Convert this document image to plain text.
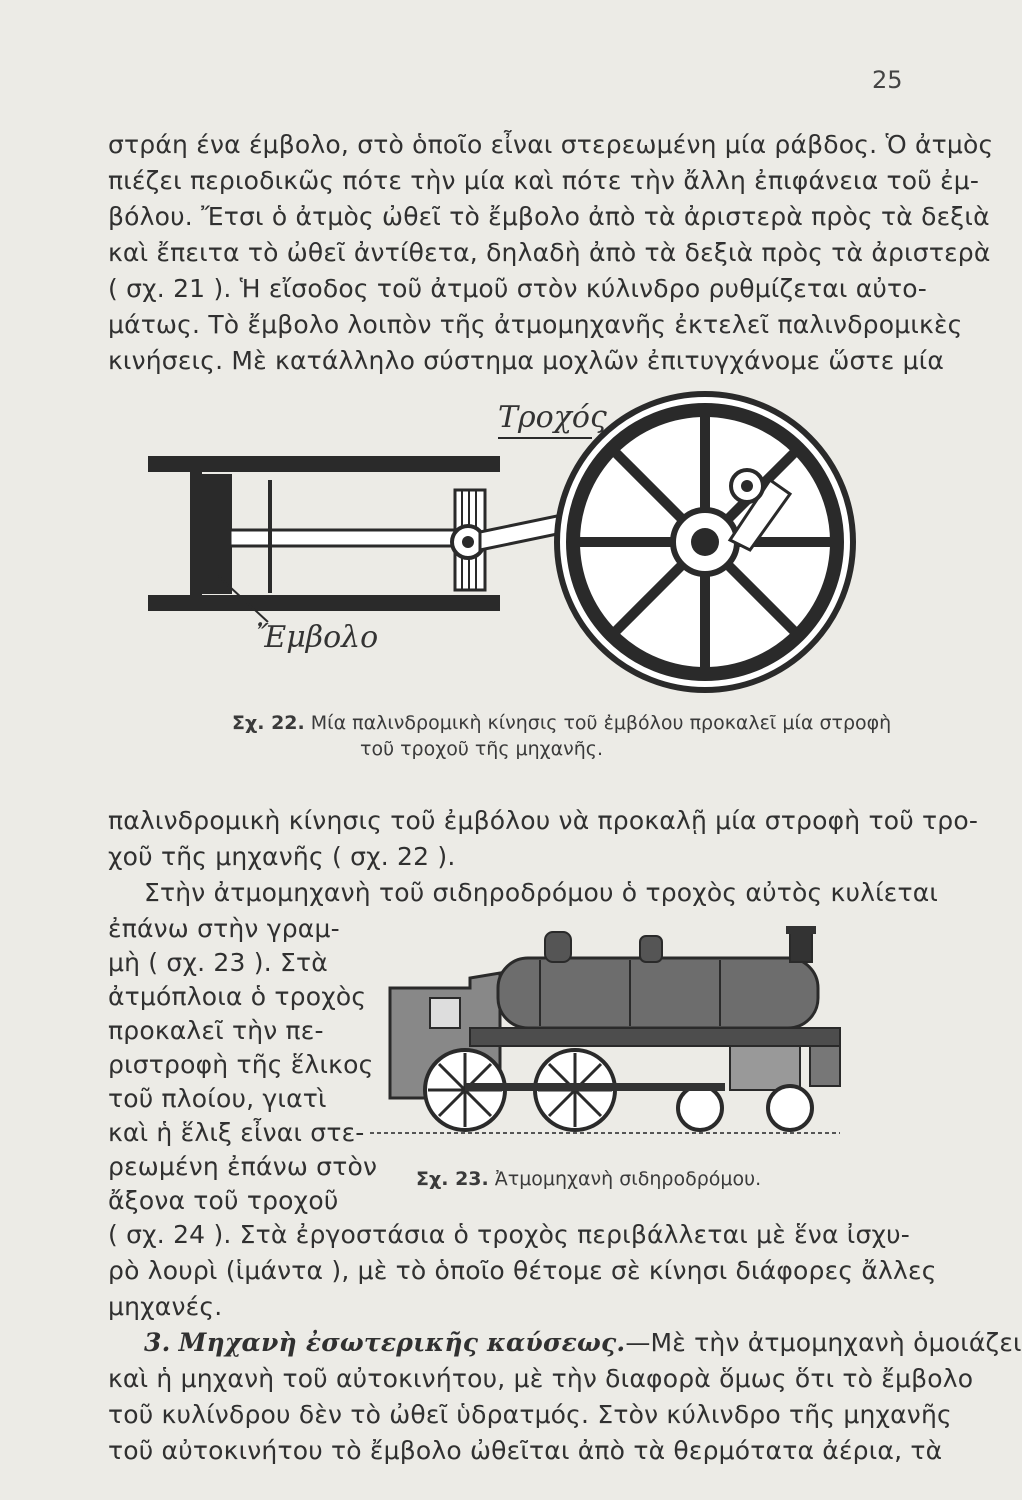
25
στράη ένα έμβολο, στὸ ὁποῖο εἶναι στερεωμένη μία ράβδος. Ὁ ἀτμὸς
πιέζει περιοδικῶς πότε τὴν μία καὶ πότε τὴν ἄλλη ἐπιφάνεια τοῦ ἐμ-
βόλου. Ἔτσι ὁ ἀτμὸς ὠθεῖ τὸ ἔμβολο ἀπὸ τὰ ἀριστερὰ πρὸς τὰ δεξιὰ
καὶ ἔπειτα τὸ ὠθεῖ ἀντίθετα, δηλαδὴ ἀπὸ τὰ δεξιὰ πρὸς τὰ ἀριστερὰ
( σχ. 21 ). Ἡ εἴσοδος τοῦ ἀτμοῦ στὸν κύλινδρο ρυθμίζεται αὐτο-
μάτως. Τὸ ἔμβολο λοιπὸν τῆς ἀτμομηχανῆς ἐκτελεῖ παλινδρομικὲς
κινήσεις. Μὲ κατάλληλο σύστημα μοχλῶν ἐπιτυγχάνομε ὥστε μία
Τροχός
Ἔμβολο
Σχ. 22. Μία παλινδρομικὴ κίνησις τοῦ ἐμβόλου προκαλεῖ μία στροφὴ
τοῦ τροχοῦ τῆς μηχανῆς.
παλινδρομικὴ κίνησις τοῦ ἐμβόλου νὰ προκαλῇ μία στροφὴ τοῦ τρο-
χοῦ τῆς μηχανῆς ( σχ. 22 ).
Στὴν ἀτμομηχανὴ τοῦ σιδηροδρόμου ὁ τροχὸς αὐτὸς κυλίεται
ἐπάνω στὴν γραμ-
μὴ ( σχ. 23 ). Στὰ
ἀτμόπλοια ὁ τροχὸς
προκαλεῖ τὴν πε-
ριστροφὴ τῆς ἕλικος
τοῦ πλοίου, γιατὶ
καὶ ἡ ἕλιξ εἶναι στε-
ρεωμένη ἐπάνω στὸν
ἄξονα τοῦ τροχοῦ
Σχ. 23. Ἀτμομηχανὴ σιδηροδρόμου.
( σχ. 24 ). Στὰ ἐργοστάσια ὁ τροχὸς περιβάλλεται μὲ ἕνα ἰσχυ-
ρὸ λουρὶ (ἱμάντα ), μὲ τὸ ὁποῖο θέτομε σὲ κίνησι διάφορες ἄλλες
μηχανές.
3. Μηχανὴ ἐσωτερικῆς καύσεως.—Μὲ τὴν ἀτμομηχανὴ ὁμοιάζει
καὶ ἡ μηχανὴ τοῦ αὐτοκινήτου, μὲ τὴν διαφορὰ ὅμως ὅτι τὸ ἔμβολο
τοῦ κυλίνδρου δὲν τὸ ὠθεῖ ὑδρατμός. Στὸν κύλινδρο τῆς μηχανῆς
τοῦ αὐτοκινήτου τὸ ἔμβολο ὠθεῖται ἀπὸ τὰ θερμότατα ἀέρια, τὰ
